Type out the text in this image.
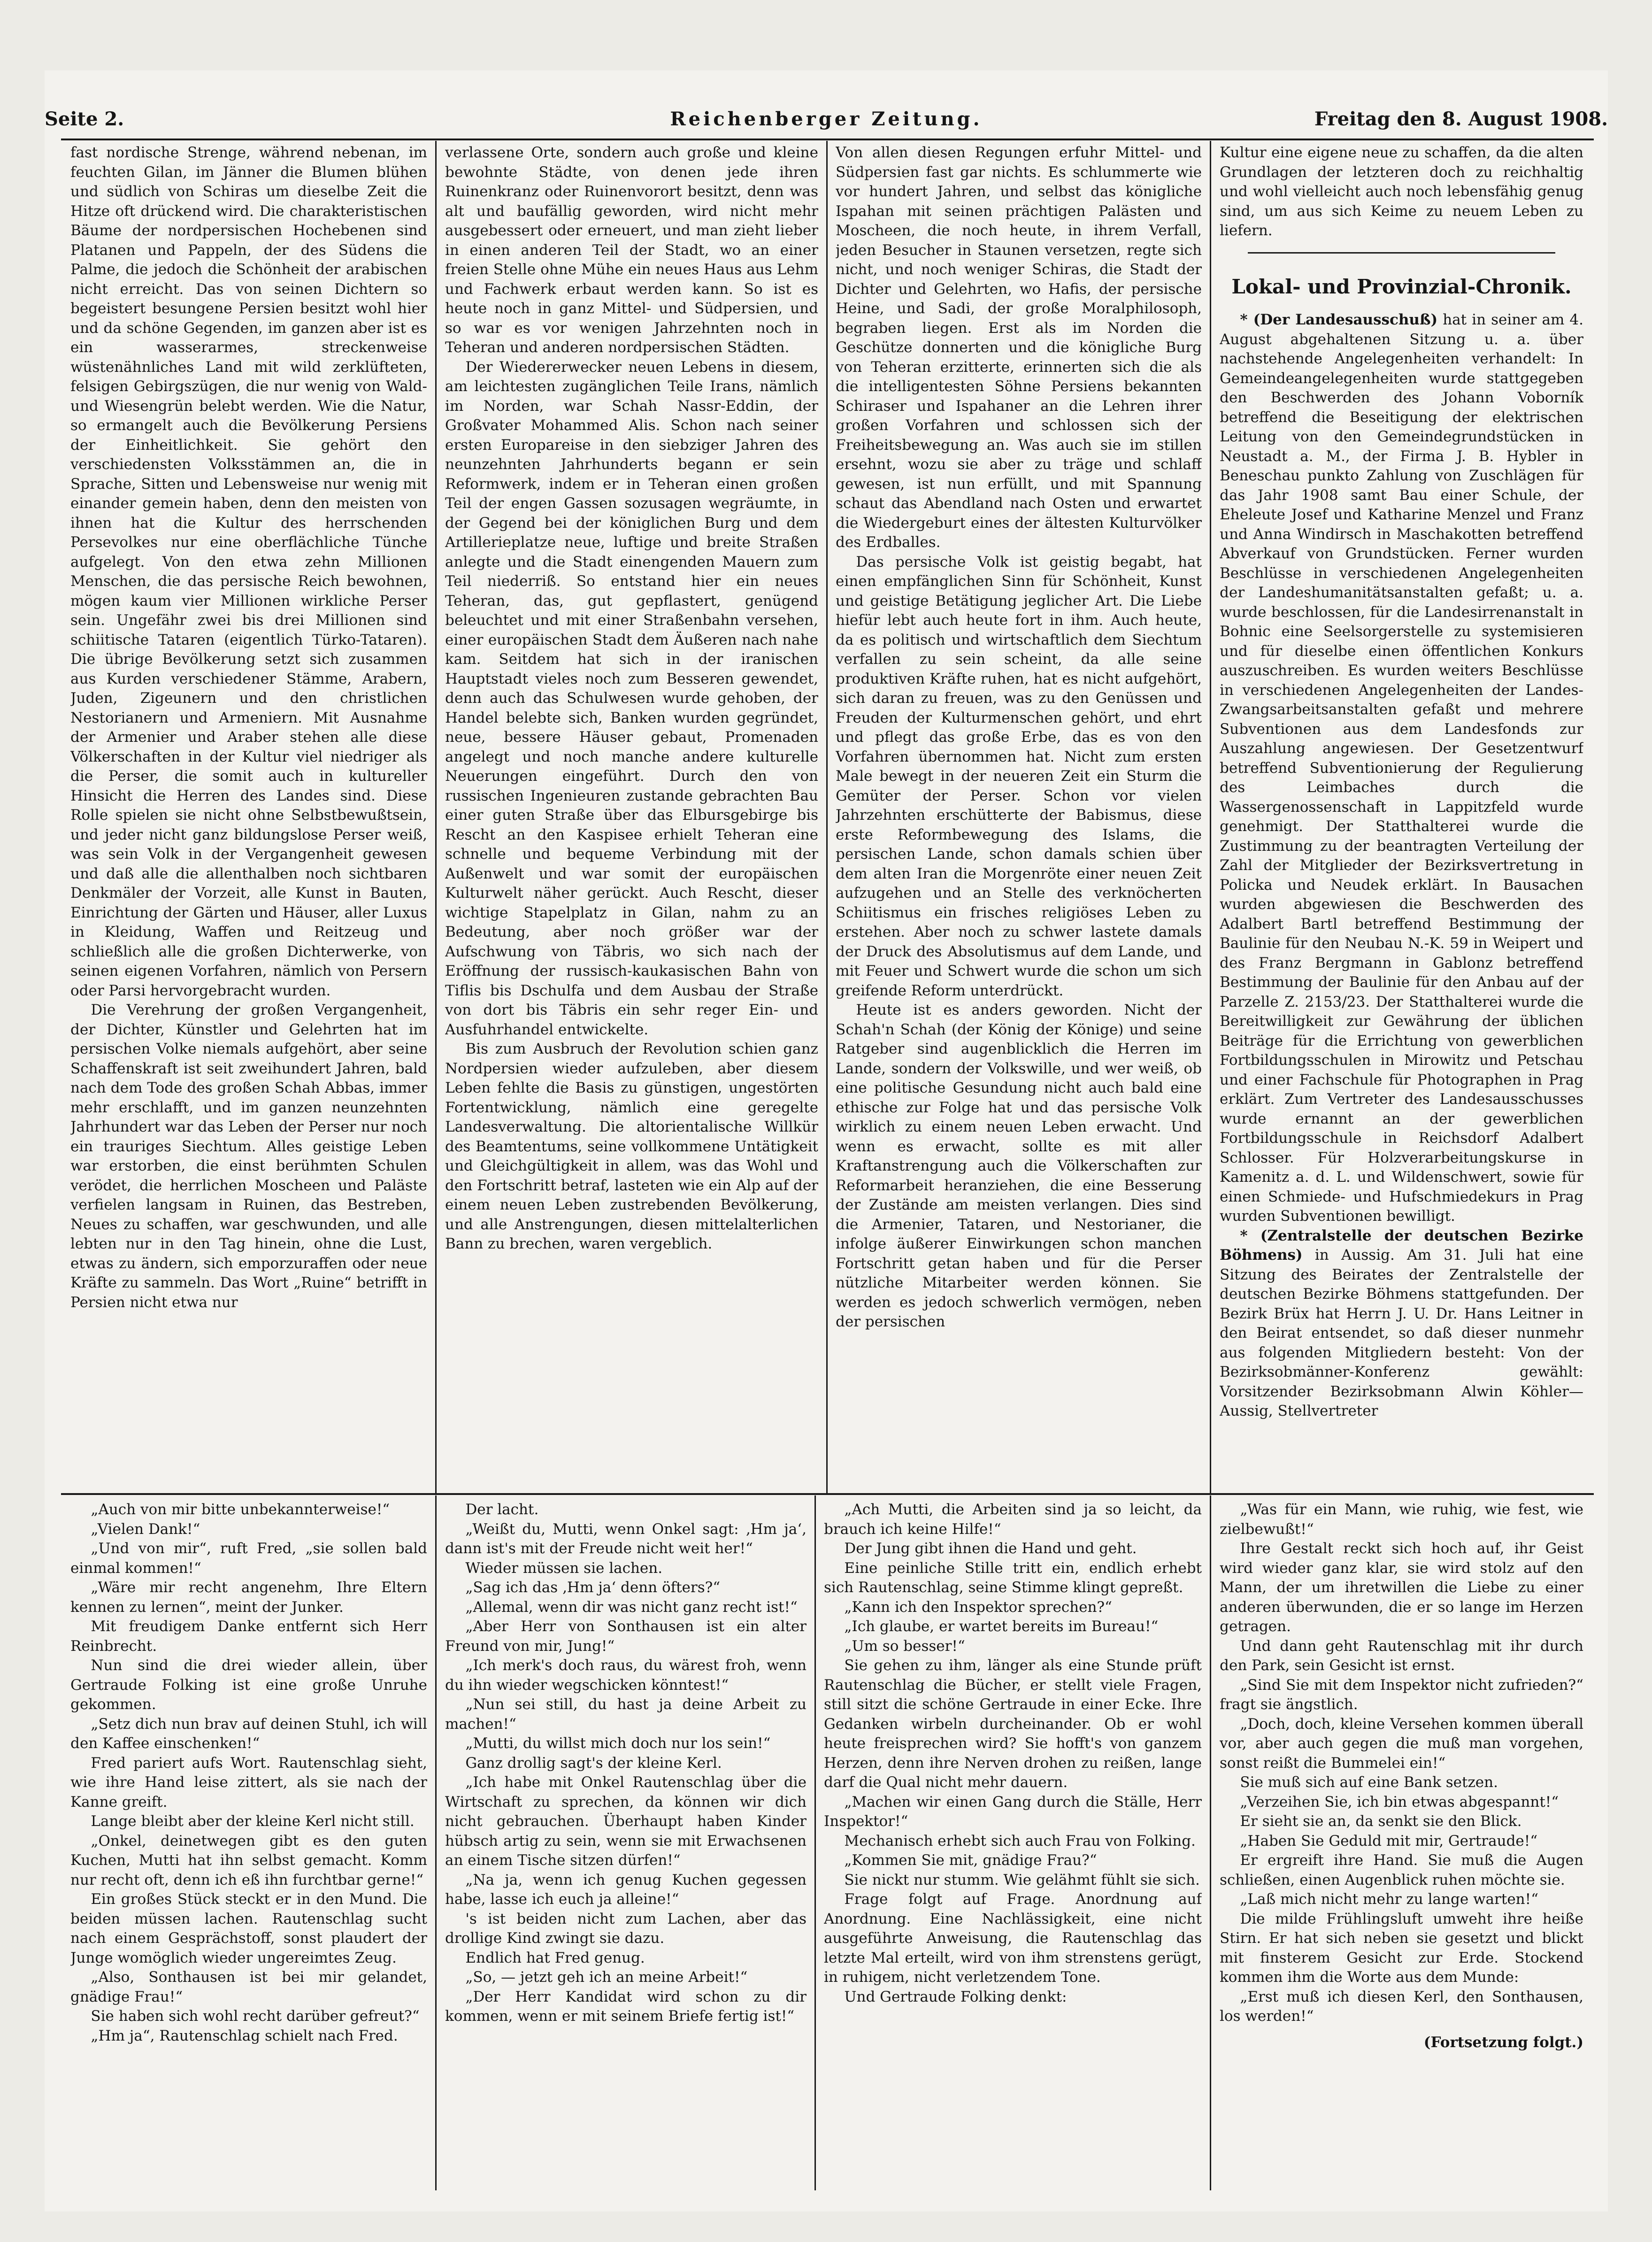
Seite 2.	Reichenberger Zeitung.	Freitag den 8. August 1908.

fast nordische Strenge, während nebenan, im feuchten Gilan, im Jänner die Blumen blühen und südlich von Schiras um dieselbe Zeit die Hitze oft drückend wird. Die charakteristischen Bäume der nordpersischen Hochebenen sind Platanen und Pappeln, der des Südens die Palme, die jedoch die Schönheit der arabischen nicht erreicht. Das von seinen Dichtern so begeistert besungene Persien besitzt wohl hier und da schöne Gegenden, im ganzen aber ist es ein wasserarmes, streckenweise wüstenähnliches Land mit wild zerklüfteten, felsigen Gebirgszügen, die nur wenig von Wald- und Wiesengrün belebt werden. Wie die Natur, so ermangelt auch die Bevölkerung Persiens der Einheitlichkeit. Sie gehört den verschiedensten Volksstämmen an, die in Sprache, Sitten und Lebensweise nur wenig mit einander gemein haben, denn den meisten von ihnen hat die Kultur des herrschenden Persevolkes nur eine oberflächliche Tünche aufgelegt. Von den etwa zehn Millionen Menschen, die das persische Reich bewohnen, mögen kaum vier Millionen wirkliche Perser sein. Ungefähr zwei bis drei Millionen sind schiitische Tataren (eigentlich Türko-Tataren). Die übrige Bevölkerung setzt sich zusammen aus Kurden verschiedener Stämme, Arabern, Juden, Zigeunern und den christlichen Nestorianern und Armeniern. Mit Ausnahme der Armenier und Araber stehen alle diese Völkerschaften in der Kultur viel niedriger als die Perser, die somit auch in kultureller Hinsicht die Herren des Landes sind. Diese Rolle spielen sie nicht ohne Selbstbewußtsein, und jeder nicht ganz bildungslose Perser weiß, was sein Volk in der Vergangenheit gewesen und daß alle die allenthalben noch sichtbaren Denkmäler der Vorzeit, alle Kunst in Bauten, Einrichtung der Gärten und Häuser, aller Luxus in Kleidung, Waffen und Reitzeug und schließlich alle die großen Dichterwerke, von seinen eigenen Vorfahren, nämlich von Persern oder Parsi hervorgebracht wurden.

Die Verehrung der großen Vergangenheit, der Dichter, Künstler und Gelehrten hat im persischen Volke niemals aufgehört, aber seine Schaffenskraft ist seit zweihundert Jahren, bald nach dem Tode des großen Schah Abbas, immer mehr erschlafft, und im ganzen neunzehnten Jahrhundert war das Leben der Perser nur noch ein trauriges Siechtum. Alles geistige Leben war erstorben, die einst berühmten Schulen verödet, die herrlichen Moscheen und Paläste verfielen langsam in Ruinen, das Bestreben, Neues zu schaffen, war geschwunden, und alle lebten nur in den Tag hinein, ohne die Lust, etwas zu ändern, sich emporzuraffen oder neue Kräfte zu sammeln. Das Wort „Ruine“ betrifft in Persien nicht etwa nur

verlassene Orte, sondern auch große und kleine bewohnte Städte, von denen jede ihren Ruinenkranz oder Ruinenvorort besitzt, denn was alt und baufällig geworden, wird nicht mehr ausgebessert oder erneuert, und man zieht lieber in einen anderen Teil der Stadt, wo an einer freien Stelle ohne Mühe ein neues Haus aus Lehm und Fachwerk erbaut werden kann. So ist es heute noch in ganz Mittel- und Südpersien, und so war es vor wenigen Jahrzehnten noch in Teheran und anderen nordpersischen Städten.

Der Wiedererwecker neuen Lebens in diesem, am leichtesten zugänglichen Teile Irans, nämlich im Norden, war Schah Nassr-Eddin, der Großvater Mohammed Alis. Schon nach seiner ersten Europareise in den siebziger Jahren des neunzehnten Jahrhunderts begann er sein Reformwerk, indem er in Teheran einen großen Teil der engen Gassen sozusagen wegräumte, in der Gegend bei der königlichen Burg und dem Artillerieplatze neue, luftige und breite Straßen anlegte und die Stadt einengenden Mauern zum Teil niederriß. So entstand hier ein neues Teheran, das, gut gepflastert, genügend beleuchtet und mit einer Straßenbahn versehen, einer europäischen Stadt dem Äußeren nach nahe kam. Seitdem hat sich in der iranischen Hauptstadt vieles noch zum Besseren gewendet, denn auch das Schulwesen wurde gehoben, der Handel belebte sich, Banken wurden gegründet, neue, bessere Häuser gebaut, Promenaden angelegt und noch manche andere kulturelle Neuerungen eingeführt. Durch den von russischen Ingenieuren zustande gebrachten Bau einer guten Straße über das Elbursgebirge bis Rescht an den Kaspisee erhielt Teheran eine schnelle und bequeme Verbindung mit der Außenwelt und war somit der europäischen Kulturwelt näher gerückt. Auch Rescht, dieser wichtige Stapelplatz in Gilan, nahm zu an Bedeutung, aber noch größer war der Aufschwung von Täbris, wo sich nach der Eröffnung der russisch-kaukasischen Bahn von Tiflis bis Dschulfa und dem Ausbau der Straße von dort bis Täbris ein sehr reger Ein- und Ausfuhrhandel entwickelte.

Bis zum Ausbruch der Revolution schien ganz Nordpersien wieder aufzuleben, aber diesem Leben fehlte die Basis zu günstigen, ungestörten Fortentwicklung, nämlich eine geregelte Landesverwaltung. Die altorientalische Willkür des Beamtentums, seine vollkommene Untätigkeit und Gleichgültigkeit in allem, was das Wohl und den Fortschritt betraf, lasteten wie ein Alp auf der einem neuen Leben zustrebenden Bevölkerung, und alle Anstrengungen, diesen mittelalterlichen Bann zu brechen, waren vergeblich.

Von allen diesen Regungen erfuhr Mittel- und Südpersien fast gar nichts. Es schlummerte wie vor hundert Jahren, und selbst das königliche Ispahan mit seinen prächtigen Palästen und Moscheen, die noch heute, in ihrem Verfall, jeden Besucher in Staunen versetzen, regte sich nicht, und noch weniger Schiras, die Stadt der Dichter und Gelehrten, wo Hafis, der persische Heine, und Sadi, der große Moralphilosoph, begraben liegen. Erst als im Norden die Geschütze donnerten und die königliche Burg von Teheran erzitterte, erinnerten sich die als die intelligentesten Söhne Persiens bekannten Schiraser und Ispahaner an die Lehren ihrer großen Vorfahren und schlossen sich der Freiheitsbewegung an. Was auch sie im stillen ersehnt, wozu sie aber zu träge und schlaff gewesen, ist nun erfüllt, und mit Spannung schaut das Abendland nach Osten und erwartet die Wiedergeburt eines der ältesten Kulturvölker des Erdballes.

Das persische Volk ist geistig begabt, hat einen empfänglichen Sinn für Schönheit, Kunst und geistige Betätigung jeglicher Art. Die Liebe hiefür lebt auch heute fort in ihm. Auch heute, da es politisch und wirtschaftlich dem Siechtum verfallen zu sein scheint, da alle seine produktiven Kräfte ruhen, hat es nicht aufgehört, sich daran zu freuen, was zu den Genüssen und Freuden der Kulturmenschen gehört, und ehrt und pflegt das große Erbe, das es von den Vorfahren übernommen hat. Nicht zum ersten Male bewegt in der neueren Zeit ein Sturm die Gemüter der Perser. Schon vor vielen Jahrzehnten erschütterte der Babismus, diese erste Reformbewegung des Islams, die persischen Lande, schon damals schien über dem alten Iran die Morgenröte einer neuen Zeit aufzugehen und an Stelle des verknöcherten Schiitismus ein frisches religiöses Leben zu erstehen. Aber noch zu schwer lastete damals der Druck des Absolutismus auf dem Lande, und mit Feuer und Schwert wurde die schon um sich greifende Reform unterdrückt.

Heute ist es anders geworden. Nicht der Schah'n Schah (der König der Könige) und seine Ratgeber sind augenblicklich die Herren im Lande, sondern der Volkswille, und wer weiß, ob eine politische Gesundung nicht auch bald eine ethische zur Folge hat und das persische Volk wirklich zu einem neuen Leben erwacht. Und wenn es erwacht, sollte es mit aller Kraftanstrengung auch die Völkerschaften zur Reformarbeit heranziehen, die eine Besserung der Zustände am meisten verlangen. Dies sind die Armenier, Tataren, und Nestorianer, die infolge äußerer Einwirkungen schon manchen Fortschritt getan haben und für die Perser nützliche Mitarbeiter werden können. Sie werden es jedoch schwerlich vermögen, neben der persischen

Kultur eine eigene neue zu schaffen, da die alten Grundlagen der letzteren doch zu reichhaltig und wohl vielleicht auch noch lebensfähig genug sind, um aus sich Keime zu neuem Leben zu liefern.

Lokal- und Provinzial-Chronik.

* (Der Landesausschuß) hat in seiner am 4. August abgehaltenen Sitzung u. a. über nachstehende Angelegenheiten verhandelt: In Gemeindeangelegenheiten wurde stattgegeben den Beschwerden des Johann Voborník betreffend die Beseitigung der elektrischen Leitung von den Gemeindegrundstücken in Neustadt a. M., der Firma J. B. Hybler in Beneschau punkto Zahlung von Zuschlägen für das Jahr 1908 samt Bau einer Schule, der Eheleute Josef und Katharine Menzel und Franz und Anna Windirsch in Maschakotten betreffend Abverkauf von Grundstücken. Ferner wurden Beschlüsse in verschiedenen Angelegenheiten der Landeshumanitätsanstalten gefaßt; u. a. wurde beschlossen, für die Landesirrenanstalt in Bohnic eine Seelsorgerstelle zu systemisieren und für dieselbe einen öffentlichen Konkurs auszuschreiben. Es wurden weiters Beschlüsse in verschiedenen Angelegenheiten der Landes-Zwangsarbeitsanstalten gefaßt und mehrere Subventionen aus dem Landesfonds zur Auszahlung angewiesen. Der Gesetzentwurf betreffend Subventionierung der Regulierung des Leimbaches durch die Wassergenossenschaft in Lappitzfeld wurde genehmigt. Der Statthalterei wurde die Zustimmung zu der beantragten Verteilung der Zahl der Mitglieder der Bezirksvertretung in Policka und Neudek erklärt. In Bausachen wurden abgewiesen die Beschwerden des Adalbert Bartl betreffend Bestimmung der Baulinie für den Neubau N.-K. 59 in Weipert und des Franz Bergmann in Gablonz betreffend Bestimmung der Baulinie für den Anbau auf der Parzelle Z. 2153/23. Der Statthalterei wurde die Bereitwilligkeit zur Gewährung der üblichen Beiträge für die Errichtung von gewerblichen Fortbildungsschulen in Mirowitz und Petschau und einer Fachschule für Photographen in Prag erklärt. Zum Vertreter des Landesausschusses wurde ernannt an der gewerblichen Fortbildungsschule in Reichsdorf Adalbert Schlosser. Für Holzverarbeitungskurse in Kamenitz a. d. L. und Wildenschwert, sowie für einen Schmiede- und Hufschmiedekurs in Prag wurden Subventionen bewilligt.

* (Zentralstelle der deutschen Bezirke Böhmens) in Aussig. Am 31. Juli hat eine Sitzung des Beirates der Zentralstelle der deutschen Bezirke Böhmens stattgefunden. Der Bezirk Brüx hat Herrn J. U. Dr. Hans Leitner in den Beirat entsendet, so daß dieser nunmehr aus folgenden Mitgliedern besteht: Von der Bezirksobmänner-Konferenz gewählt: Vorsitzender Bezirksobmann Alwin Köhler—Aussig, Stellvertreter

„Auch von mir bitte unbekannterweise!“

„Vielen Dank!“

„Und von mir“, ruft Fred, „sie sollen bald einmal kommen!“

„Wäre mir recht angenehm, Ihre Eltern kennen zu lernen“, meint der Junker.

Mit freudigem Danke entfernt sich Herr Reinbrecht.

Nun sind die drei wieder allein, über Gertraude Folking ist eine große Unruhe gekommen.

„Setz dich nun brav auf deinen Stuhl, ich will den Kaffee einschenken!“

Fred pariert aufs Wort. Rautenschlag sieht, wie ihre Hand leise zittert, als sie nach der Kanne greift.

Lange bleibt aber der kleine Kerl nicht still.

„Onkel, deinetwegen gibt es den guten Kuchen, Mutti hat ihn selbst gemacht. Komm nur recht oft, denn ich eß ihn furchtbar gerne!“

Ein großes Stück steckt er in den Mund. Die beiden müssen lachen. Rautenschlag sucht nach einem Gesprächstoff, sonst plaudert der Junge womöglich wieder ungereimtes Zeug.

„Also, Sonthausen ist bei mir gelandet, gnädige Frau!“

Sie haben sich wohl recht darüber gefreut?“

„Hm ja“, Rautenschlag schielt nach Fred.

Der lacht.

„Weißt du, Mutti, wenn Onkel sagt: ‚Hm ja‘, dann ist's mit der Freude nicht weit her!“

Wieder müssen sie lachen.

„Sag ich das ‚Hm ja‘ denn öfters?“

„Allemal, wenn dir was nicht ganz recht ist!“

„Aber Herr von Sonthausen ist ein alter Freund von mir, Jung!“

„Ich merk's doch raus, du wärest froh, wenn du ihn wieder wegschicken könntest!“

„Nun sei still, du hast ja deine Arbeit zu machen!“

„Mutti, du willst mich doch nur los sein!“

Ganz drollig sagt's der kleine Kerl.

„Ich habe mit Onkel Rautenschlag über die Wirtschaft zu sprechen, da können wir dich nicht gebrauchen. Überhaupt haben Kinder hübsch artig zu sein, wenn sie mit Erwachsenen an einem Tische sitzen dürfen!“

„Na ja, wenn ich genug Kuchen gegessen habe, lasse ich euch ja alleine!“

's ist beiden nicht zum Lachen, aber das drollige Kind zwingt sie dazu.

Endlich hat Fred genug.

„So, — jetzt geh ich an meine Arbeit!“

„Der Herr Kandidat wird schon zu dir kommen, wenn er mit seinem Briefe fertig ist!“

„Ach Mutti, die Arbeiten sind ja so leicht, da brauch ich keine Hilfe!“

Der Jung gibt ihnen die Hand und geht.

Eine peinliche Stille tritt ein, endlich erhebt sich Rautenschlag, seine Stimme klingt gepreßt.

„Kann ich den Inspektor sprechen?“

„Ich glaube, er wartet bereits im Bureau!“

„Um so besser!“

Sie gehen zu ihm, länger als eine Stunde prüft Rautenschlag die Bücher, er stellt viele Fragen, still sitzt die schöne Gertraude in einer Ecke. Ihre Gedanken wirbeln durcheinander. Ob er wohl heute freisprechen wird? Sie hofft's von ganzem Herzen, denn ihre Nerven drohen zu reißen, lange darf die Qual nicht mehr dauern.

„Machen wir einen Gang durch die Ställe, Herr Inspektor!“

Mechanisch erhebt sich auch Frau von Folking.

„Kommen Sie mit, gnädige Frau?“

Sie nickt nur stumm. Wie gelähmt fühlt sie sich.

Frage folgt auf Frage. Anordnung auf Anordnung. Eine Nachlässigkeit, eine nicht ausgeführte Anweisung, die Rautenschlag das letzte Mal erteilt, wird von ihm strenstens gerügt, in ruhigem, nicht verletzendem Tone.

Und Gertraude Folking denkt:

„Was für ein Mann, wie ruhig, wie fest, wie zielbewußt!“

Ihre Gestalt reckt sich hoch auf, ihr Geist wird wieder ganz klar, sie wird stolz auf den Mann, der um ihretwillen die Liebe zu einer anderen überwunden, die er so lange im Herzen getragen.

Und dann geht Rautenschlag mit ihr durch den Park, sein Gesicht ist ernst.

„Sind Sie mit dem Inspektor nicht zufrieden?“ fragt sie ängstlich.

„Doch, doch, kleine Versehen kommen überall vor, aber auch gegen die muß man vorgehen, sonst reißt die Bummelei ein!“

Sie muß sich auf eine Bank setzen.

„Verzeihen Sie, ich bin etwas abgespannt!“

Er sieht sie an, da senkt sie den Blick.

„Haben Sie Geduld mit mir, Gertraude!“

Er ergreift ihre Hand. Sie muß die Augen schließen, einen Augenblick ruhen möchte sie.

„Laß mich nicht mehr zu lange warten!“

Die milde Frühlingsluft umweht ihre heiße Stirn. Er hat sich neben sie gesetzt und blickt mit finsterem Gesicht zur Erde. Stockend kommen ihm die Worte aus dem Munde:

„Erst muß ich diesen Kerl, den Sonthausen, los werden!“

(Fortsetzung folgt.)
